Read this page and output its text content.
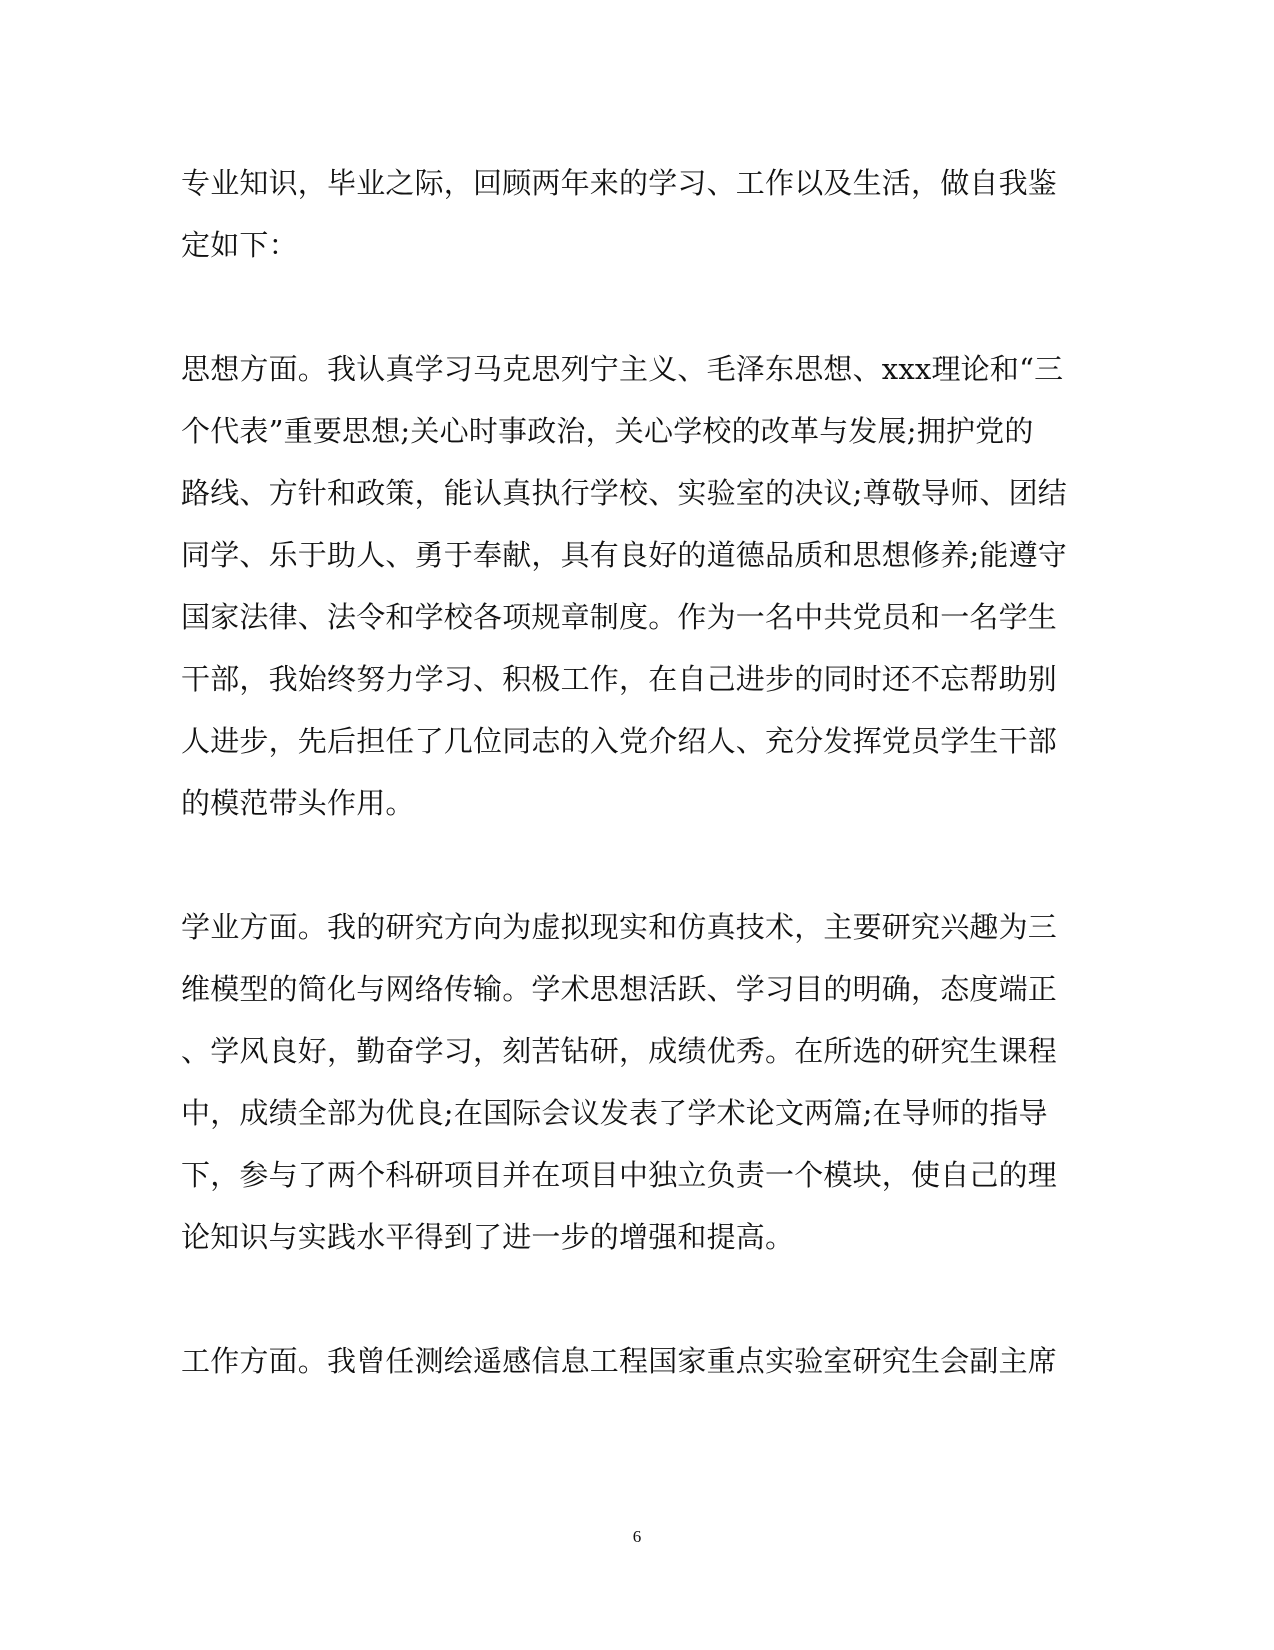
专业知识，毕业之际，回顾两年来的学习、工作以及生活，做自我鉴
定如下：
思想方面。我认真学习马克思列宁主义、毛泽东思想、xxx理论和“三
个代表”重要思想;关心时事政治，关心学校的改革与发展;拥护党的
路线、方针和政策，能认真执行学校、实验室的决议;尊敬导师、团结
同学、乐于助人、勇于奉献，具有良好的道德品质和思想修养;能遵守
国家法律、法令和学校各项规章制度。作为一名中共党员和一名学生
干部，我始终努力学习、积极工作，在自己进步的同时还不忘帮助别
人进步，先后担任了几位同志的入党介绍人、充分发挥党员学生干部
的模范带头作用。
学业方面。我的研究方向为虚拟现实和仿真技术，主要研究兴趣为三
维模型的简化与网络传输。学术思想活跃、学习目的明确，态度端正
、学风良好，勤奋学习，刻苦钻研，成绩优秀。在所选的研究生课程
中，成绩全部为优良;在国际会议发表了学术论文两篇;在导师的指导
下，参与了两个科研项目并在项目中独立负责一个模块，使自己的理
论知识与实践水平得到了进一步的增强和提高。
工作方面。我曾任测绘遥感信息工程国家重点实验室研究生会副主席
6
